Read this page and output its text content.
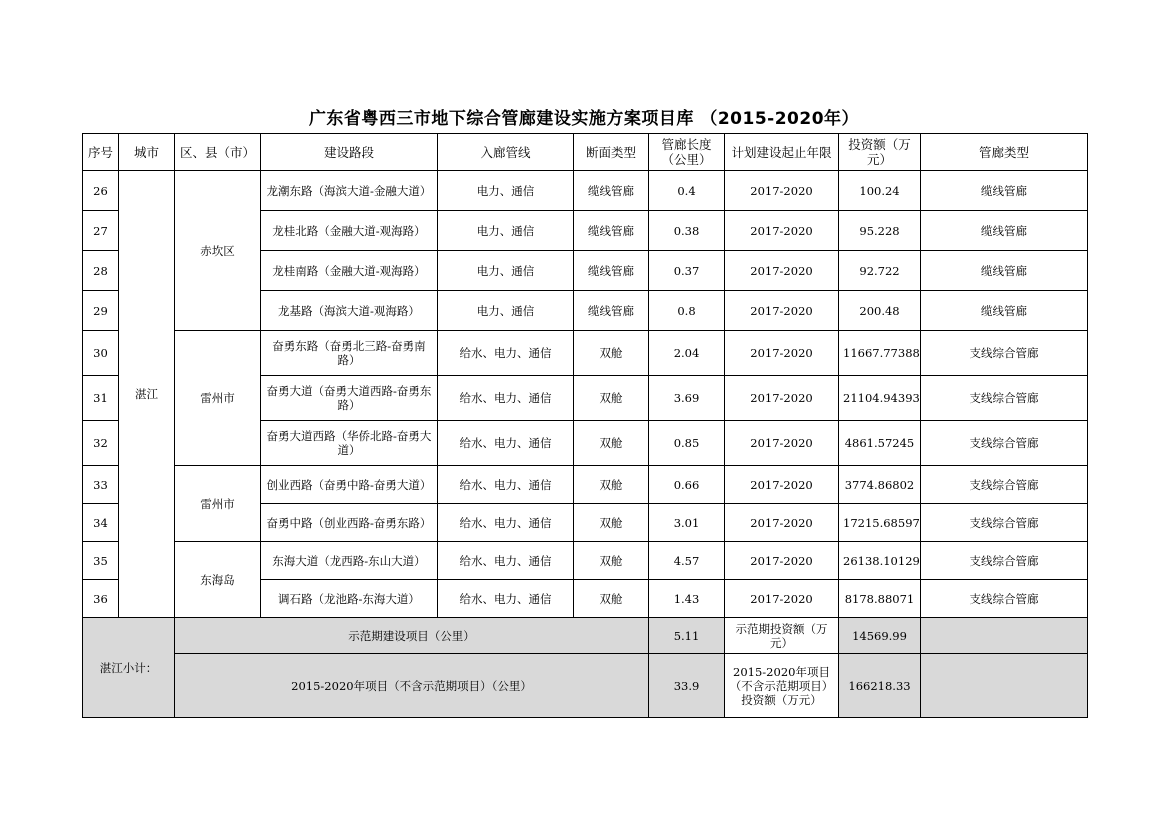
广东省粤西三市地下综合管廊建设实施方案项目库 （2015-2020年）
序号	城市	区、县（市）	建设路段	入廊管线	断面类型	管廊长度（公里）	计划建设起止年限	投资额（万元）	管廊类型
26	湛江	赤坎区	龙潮东路（海滨大道-金融大道）	电力、通信	缆线管廊	0.4	2017-2020	100.24	缆线管廊
27			龙桂北路（金融大道-观海路）	电力、通信	缆线管廊	0.38	2017-2020	95.228	缆线管廊
28			龙桂南路（金融大道-观海路）	电力、通信	缆线管廊	0.37	2017-2020	92.722	缆线管廊
29			龙基路（海滨大道-观海路）	电力、通信	缆线管廊	0.8	2017-2020	200.48	缆线管廊
30		雷州市	奋勇东路（奋勇北三路-奋勇南路）	给水、电力、通信	双舱	2.04	2017-2020	11667.77388	支线综合管廊
31			奋勇大道（奋勇大道西路-奋勇东路）	给水、电力、通信	双舱	3.69	2017-2020	21104.94393	支线综合管廊
32			奋勇大道西路（华侨北路-奋勇大道）	给水、电力、通信	双舱	0.85	2017-2020	4861.57245	支线综合管廊
33		雷州市	创业西路（奋勇中路-奋勇大道）	给水、电力、通信	双舱	0.66	2017-2020	3774.86802	支线综合管廊
34			奋勇中路（创业西路-奋勇东路）	给水、电力、通信	双舱	3.01	2017-2020	17215.68597	支线综合管廊
35		东海岛	东海大道（龙西路-东山大道）	给水、电力、通信	双舱	4.57	2017-2020	26138.10129	支线综合管廊
36			调石路（龙池路-东海大道）	给水、电力、通信	双舱	1.43	2017-2020	8178.88071	支线综合管廊
湛江小计：		示范期建设项目（公里）				5.11	示范期投资额（万元）	14569.99	
		2015-2020年项目（不含示范期项目）（公里）				33.9	2015-2020年项目（不含示范期项目）投资额（万元）	166218.33	
